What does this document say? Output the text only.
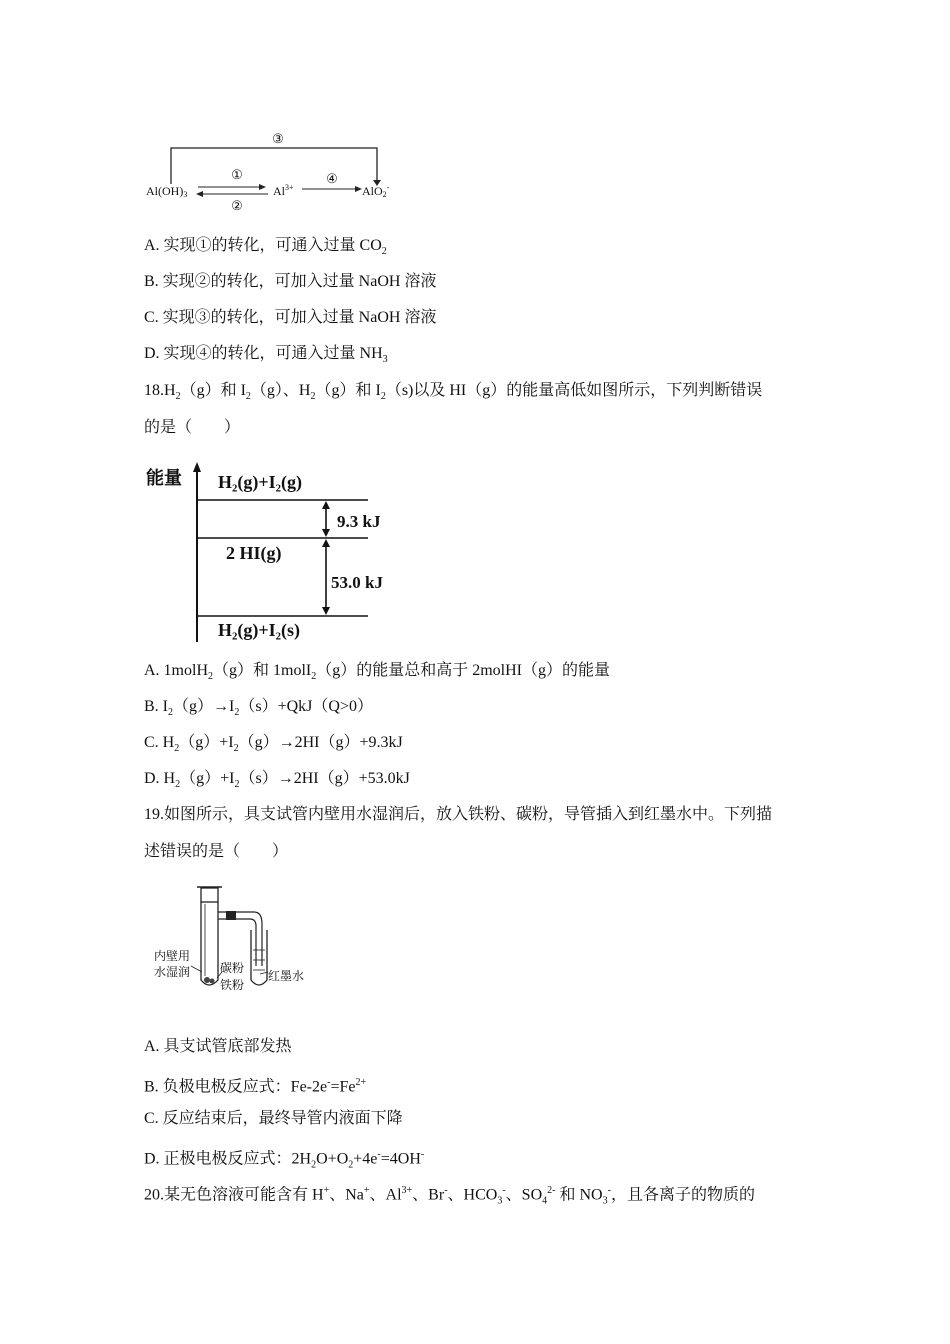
③
Al(OH)3
①
②
$Al^{3+}$
④
AlO2-
A. 实现①的转化，可通入过量 $CO_2$
B. 实现②的转化，可加入过量 NaOH 溶液
C. 实现③的转化，可加入过量 NaOH 溶液
D. 实现④的转化，可通入过量 $NH_3$
$18.H_2(g)$和 $I_2(g)$、$H_2(g)$和 $I_2(s)$以及 HI（g）的能量高低如图所示，下列判断错误
的是（　　）
能量 H₂(g)+I₂(g)
2 HI(g)
H₂(g)+I₂(s)
9.3 kJ
53.0 kJ
A. 1molH$_2$（g）和 1molI$_2$（g）的能量总和高于 2molHI（g）的能量
B. $I_2(g)\to I_2(s)+QkJ(Q>0)$
C. $H_2(g)+I_2(g)\to 2HI(g)+9.3kJ$
D. $H_2(g)+I_2(s)\to 2HI(g)+53.0kJ$
19.如图所示，具支试管内壁用水湿润后，放入铁粉、碳粉，导管插入到红墨水中。下列描
述错误的是（　　）
内壁用
水湿润 碳粉
铁粉
红墨水
A. 具支试管底部发热
B. 负极电极反应式：$Fe-2e^-=Fe^{2+}$
C. 反应结束后，最终导管内液面下降
D. 正极电极反应式：$2H_2O+O_2+4e^-=4OH^-$
20.某无色溶液可能含有 H+、Na+、$Al^{3+}$、Br-、$HCO_3^-$、$SO_4^{2-}$ 和 $NO_3^-$，且各离子的物质的
